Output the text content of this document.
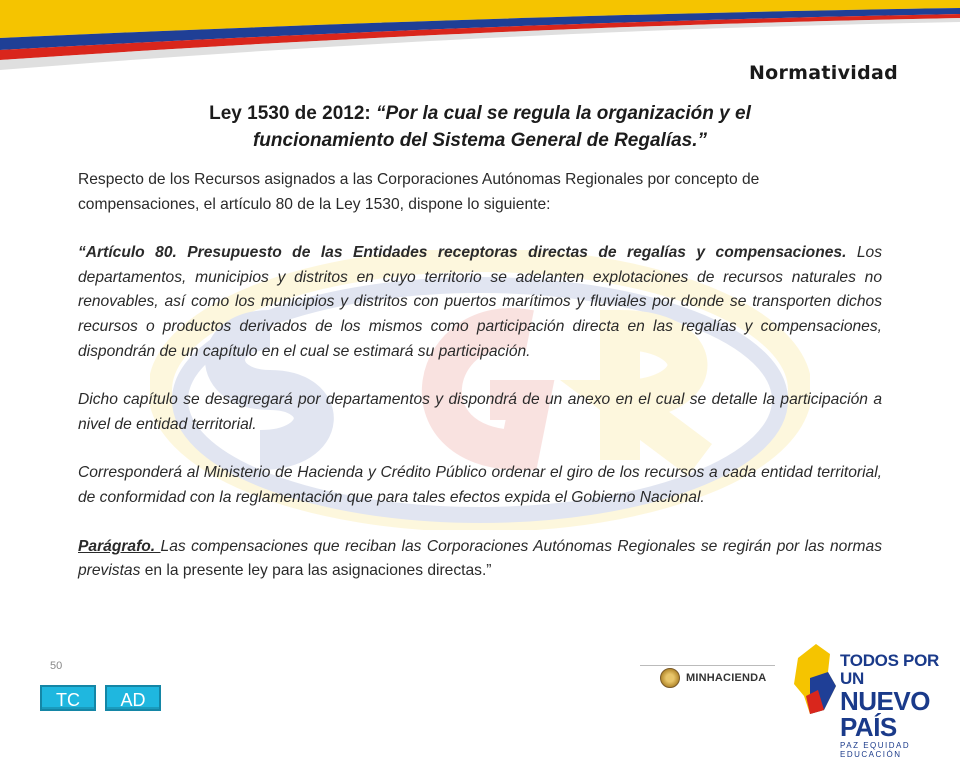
Normatividad
Ley 1530 de 2012: “Por la cual se regula la organización y el
funcionamiento del Sistema General de Regalías.”

Respecto de los Recursos asignados a las Corporaciones Autónomas Regionales por concepto de compensaciones, el artículo 80 de la Ley 1530, dispone lo siguiente:

“Artículo 80. Presupuesto de las Entidades receptoras directas de regalías y compensaciones. Los departamentos, municipios y distritos en cuyo territorio se adelanten explotaciones de recursos naturales no renovables, así como los municipios y distritos con puertos marítimos y fluviales por donde se transporten dichos recursos o productos derivados de los mismos como participación directa en las regalías y compensaciones, dispondrán de un capítulo en el cual se estimará su participación.

Dicho capítulo se desagregará por departamentos y dispondrá de un anexo en el cual se detalle la participación a nivel de entidad territorial.

Corresponderá al Ministerio de Hacienda y Crédito Público ordenar el giro de los recursos a cada entidad territorial, de conformidad con la reglamentación que para tales efectos expida el Gobierno Nacional.

Parágrafo. Las compensaciones que reciban las Corporaciones Autónomas Regionales se regirán por las normas previstas en la presente ley para las asignaciones directas.”

50
TC	AD
MINHACIENDA
TODOS POR UN
NUEVO PAÍS
PAZ EQUIDAD EDUCACIÓN
